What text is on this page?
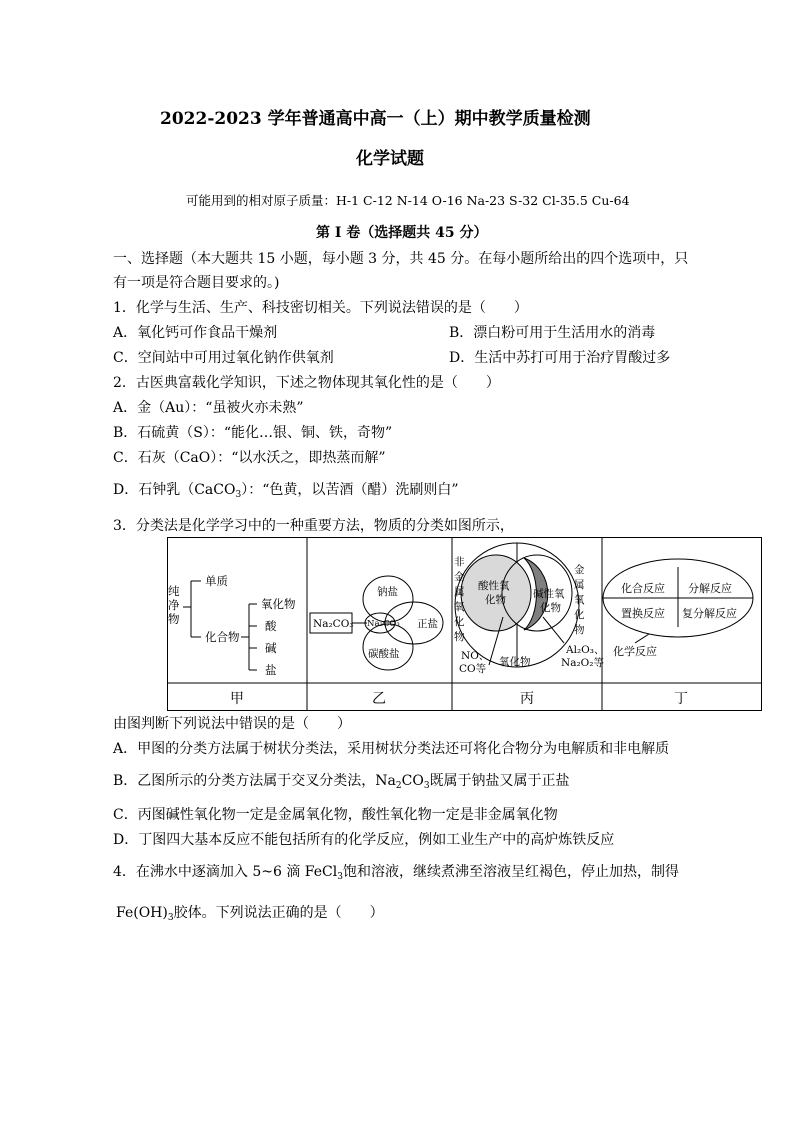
2022-2023 学年普通高中高一（上）期中教学质量检测
化学试题
可能用到的相对原子质量：H-1 C-12 N-14 O-16 Na-23 S-32 Cl-35.5 Cu-64
第 I 卷（选择题共 45 分）
一、选择题（本大题共 15 小题，每小题 3 分，共 45 分。在每小题所给出的四个选项中，只
有一项是符合题目要求的。)
1．化学与生活、生产、科技密切相关。下列说法错误的是（　　）
A．氧化钙可作食品干燥剂	B．漂白粉可用于生活用水的消毒
C．空间站中可用过氧化钠作供氧剂	D．生活中苏打可用于治疗胃酸过多
2．古医典富载化学知识，下述之物体现其氧化性的是（　　）
A．金（Au）：“虽被火亦未熟”
B．石硫黄（S）：“能化…银、铜、铁，奇物”
C．石灰（CaO）：“以水沃之，即热蒸而解”
D．石钟乳（CaCO$_3$）：“色黄，以苦酒（醋）洗刷则白”
3．分类法是化学学习中的一种重要方法，物质的分类如图所示，
纯
净
物
单质
化合物
氧化物
酸
碱
盐
Na₂CO₃
钠盐
正盐
碳酸盐
Na₂CO₃
非
金
属
氧
化
物
金
属
氧
化
物
酸性氧
化物	碱性氧
化物
NO、
CO等
氧化物
Al₂O₃、
Na₂O₂等
化合反应 分解反应
置换反应 复分解反应
化学反应
甲	乙	丙	丁
由图判断下列说法中错误的是（　　）
A．甲图的分类方法属于树状分类法，采用树状分类法还可将化合物分为电解质和非电解质
B．乙图所示的分类方法属于交叉分类法，$Na_2CO_3$既属于钠盐又属于正盐
C．丙图碱性氧化物一定是金属氧化物，酸性氧化物一定是非金属氧化物
D．丁图四大基本反应不能包括所有的化学反应，例如工业生产中的高炉炼铁反应
4．在沸水中逐滴加入 5~6 滴 FeCl$_3$饱和溶液，继续煮沸至溶液呈红褐色，停止加热，制得
$Fe(OH)_3$胶体。下列说法正确的是（　　）
